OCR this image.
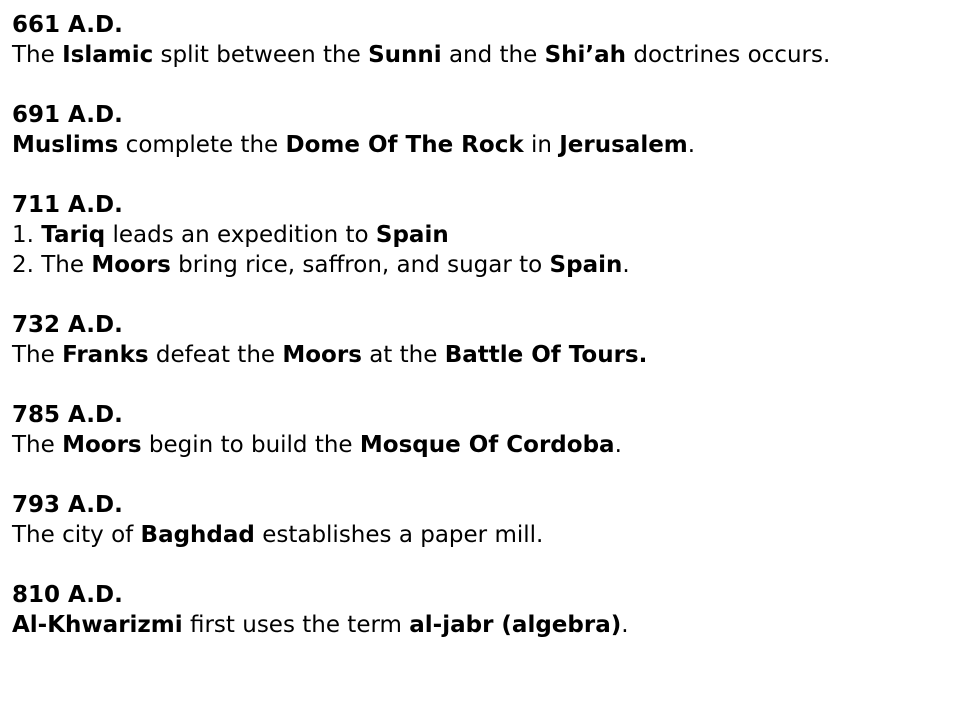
661 A.D.
The Islamic split between the Sunni and the Shi’ah doctrines occurs.
691 A.D.
Muslims complete the Dome Of The Rock in Jerusalem.
711 A.D.
1. Tariq leads an expedition to Spain
2. The Moors bring rice, saffron, and sugar to Spain.
732 A.D.
The Franks defeat the Moors at the Battle Of Tours.
785 A.D.
The Moors begin to build the Mosque Of Cordoba.
793 A.D.
The city of Baghdad establishes a paper mill.
810 A.D.
Al-Khwarizmi first uses the term al-jabr (algebra).
